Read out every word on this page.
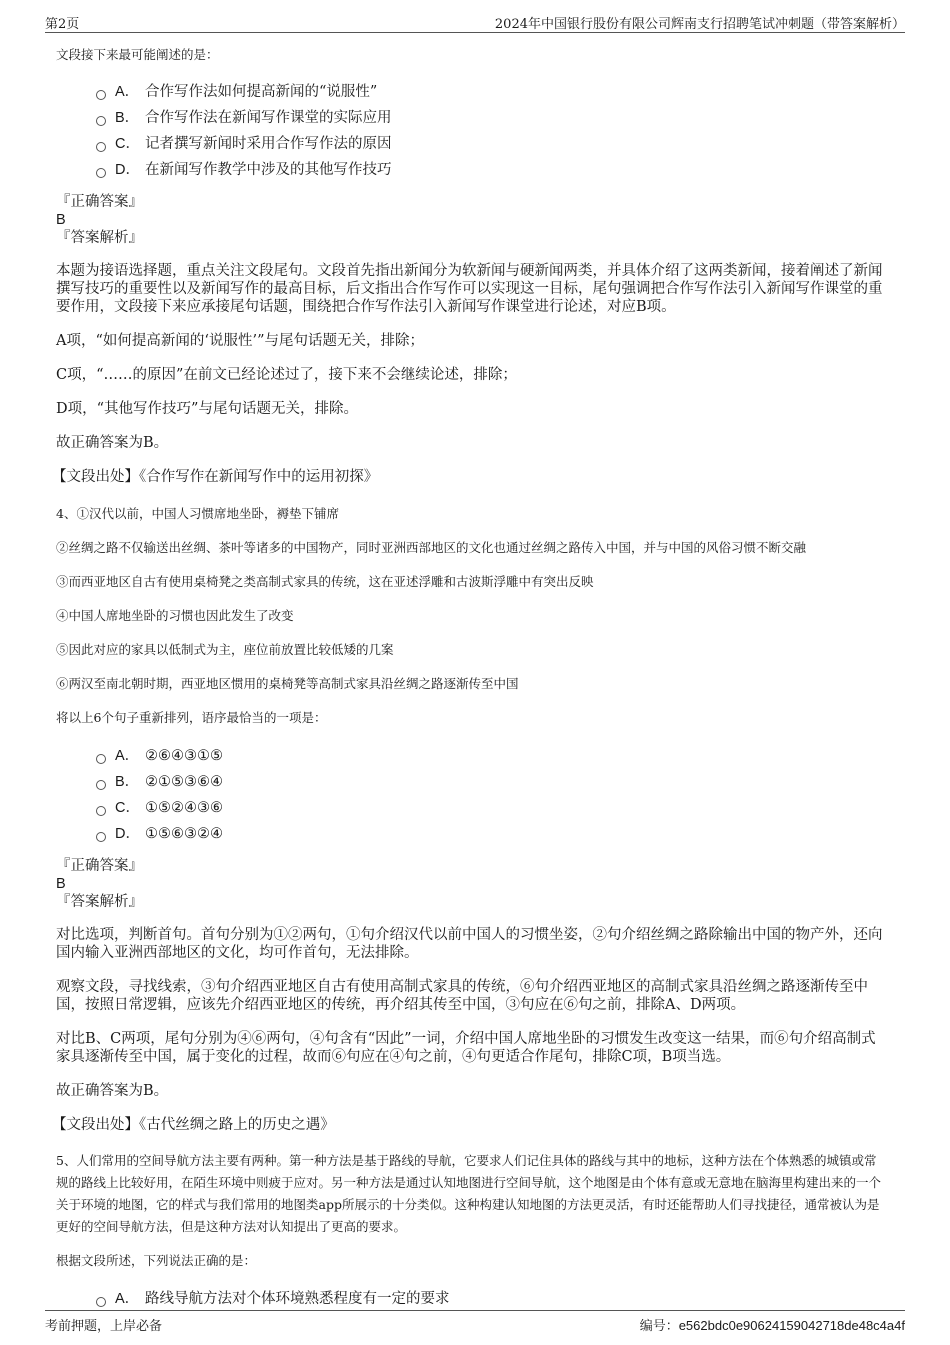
第2页	2024年中国银行股份有限公司辉南支行招聘笔试冲刺题（带答案解析）

文段接下来最可能阐述的是：

A． 合作写作法如何提高新闻的“说服性”
B． 合作写作法在新闻写作课堂的实际应用
C． 记者撰写新闻时采用合作写作法的原因
D． 在新闻写作教学中涉及的其他写作技巧

『正确答案』

B

『答案解析』

本题为接语选择题，重点关注文段尾句。文段首先指出新闻分为软新闻与硬新闻两类，并具体介绍了这两类新闻，接着阐述了新闻撰写技巧的重要性以及新闻写作的最高目标，后文指出合作写作可以实现这一目标，尾句强调把合作写作法引入新闻写作课堂的重要作用，文段接下来应承接尾句话题，围绕把合作写作法引入新闻写作课堂进行论述，对应B项。

A项，“如何提高新闻的‘说服性’”与尾句话题无关，排除；

C项，“……的原因”在前文已经论述过了，接下来不会继续论述，排除；

D项，“其他写作技巧”与尾句话题无关，排除。

故正确答案为B。

【文段出处】《合作写作在新闻写作中的运用初探》

4、①汉代以前，中国人习惯席地坐卧，褥垫下铺席

②丝绸之路不仅输送出丝绸、茶叶等诸多的中国物产，同时亚洲西部地区的文化也通过丝绸之路传入中国，并与中国的风俗习惯不断交融

③而西亚地区自古有使用桌椅凳之类高制式家具的传统，这在亚述浮雕和古波斯浮雕中有突出反映

④中国人席地坐卧的习惯也因此发生了改变

⑤因此对应的家具以低制式为主，座位前放置比较低矮的几案

⑥两汉至南北朝时期，西亚地区惯用的桌椅凳等高制式家具沿丝绸之路逐渐传至中国

将以上6个句子重新排列，语序最恰当的一项是：

A． ②⑥④③①⑤
B． ②①⑤③⑥④
C． ①⑤②④③⑥
D． ①⑤⑥③②④

『正确答案』

B

『答案解析』

对比选项，判断首句。首句分别为①②两句，①句介绍汉代以前中国人的习惯坐姿，②句介绍丝绸之路除输出中国的物产外，还向国内输入亚洲西部地区的文化，均可作首句，无法排除。

观察文段，寻找线索，③句介绍西亚地区自古有使用高制式家具的传统，⑥句介绍西亚地区的高制式家具沿丝绸之路逐渐传至中国，按照日常逻辑，应该先介绍西亚地区的传统，再介绍其传至中国，③句应在⑥句之前，排除A、D两项。

对比B、C两项，尾句分别为④⑥两句，④句含有“因此”一词，介绍中国人席地坐卧的习惯发生改变这一结果，而⑥句介绍高制式家具逐渐传至中国，属于变化的过程，故而⑥句应在④句之前，④句更适合作尾句，排除C项，B项当选。

故正确答案为B。

【文段出处】《古代丝绸之路上的历史之遇》

5、人们常用的空间导航方法主要有两种。第一种方法是基于路线的导航，它要求人们记住具体的路线与其中的地标，这种方法在个体熟悉的城镇或常规的路线上比较好用，在陌生环境中则疲于应对。另一种方法是通过认知地图进行空间导航，这个地图是由个体有意或无意地在脑海里构建出来的一个关于环境的地图，它的样式与我们常用的地图类app所展示的十分类似。这种构建认知地图的方法更灵活，有时还能帮助人们寻找捷径，通常被认为是更好的空间导航方法，但是这种方法对认知提出了更高的要求。

根据文段所述，下列说法正确的是：

A． 路线导航方法对个体环境熟悉程度有一定的要求
考前押题，上岸必备	编号：e562bdc0e90624159042718de48c4a4f
